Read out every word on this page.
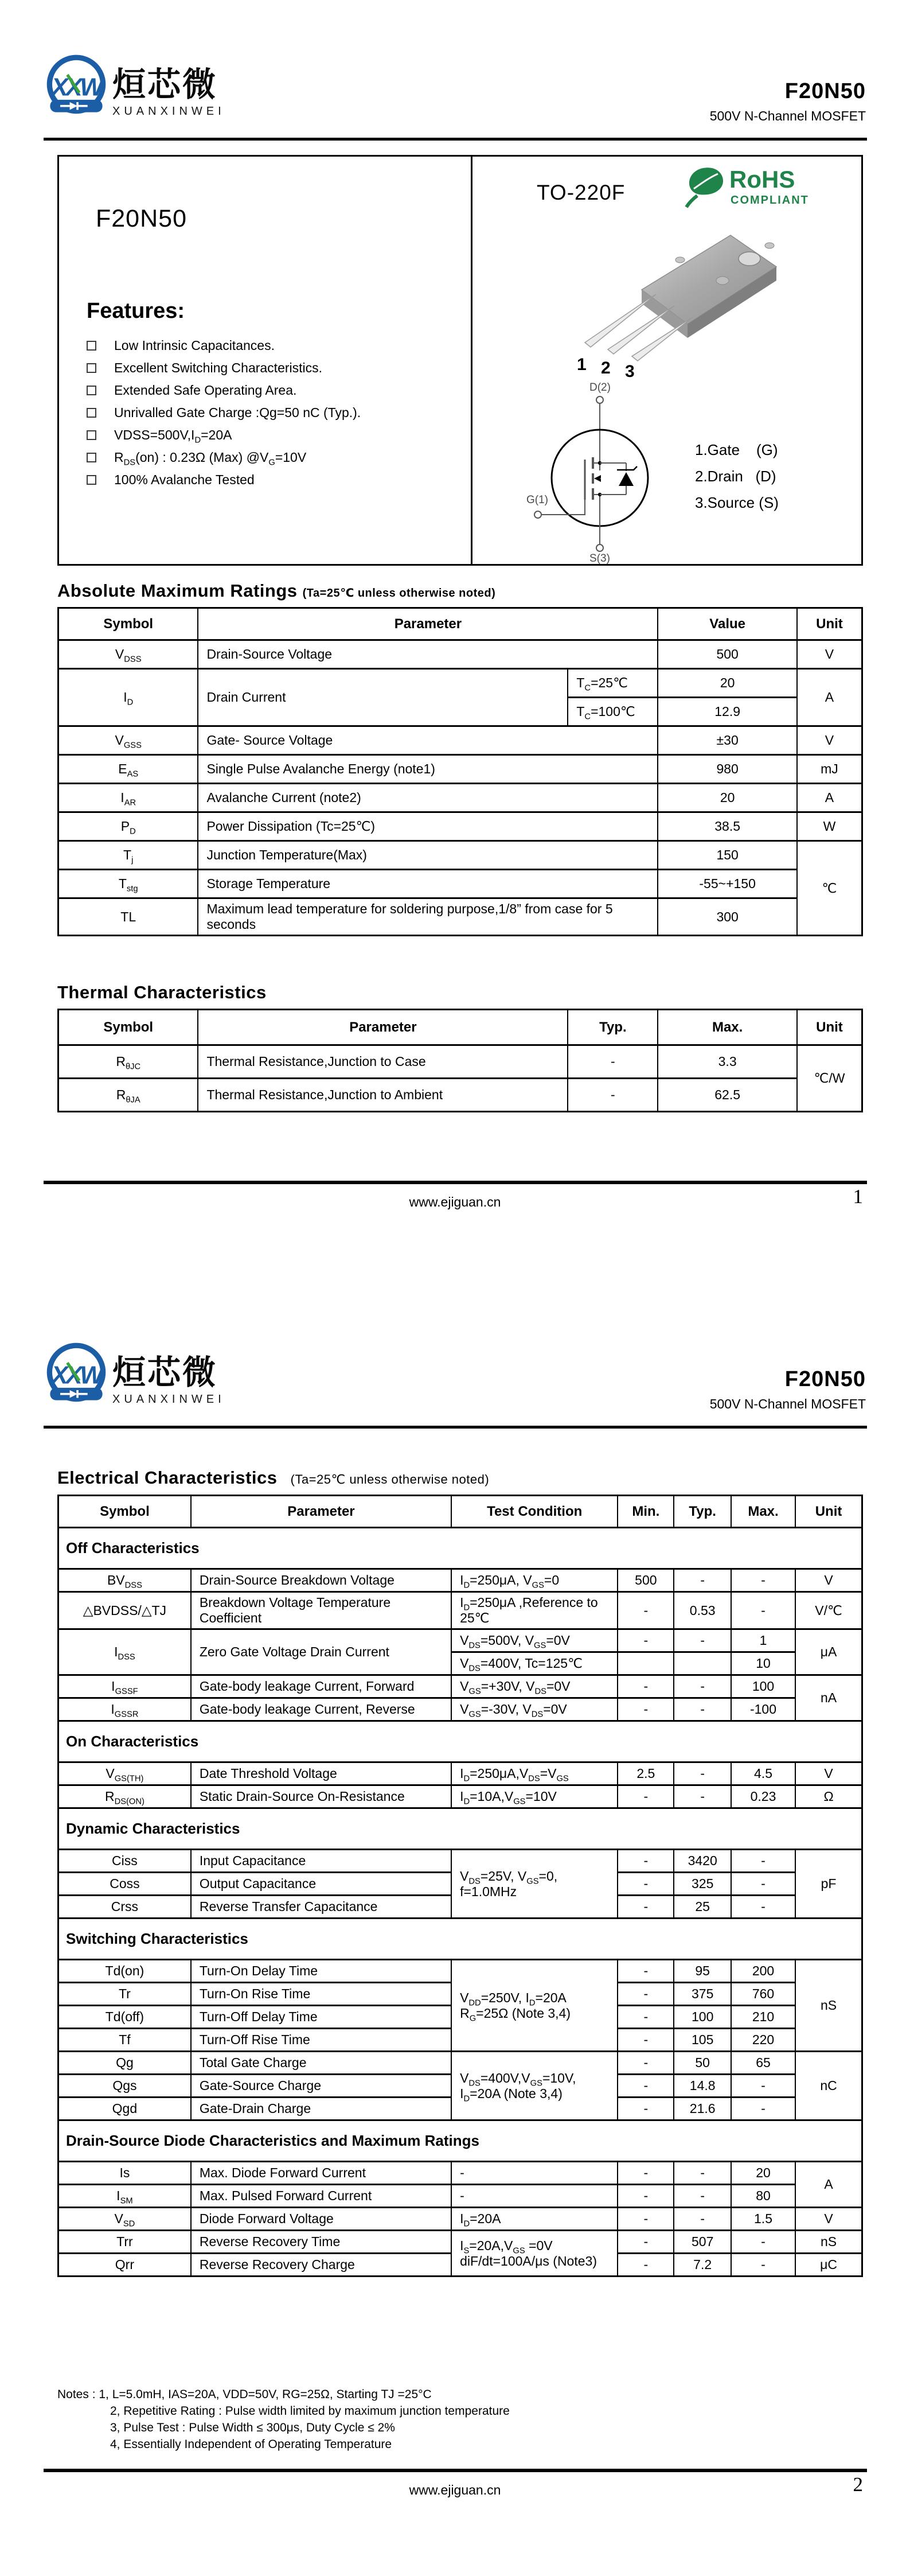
XXW 烜芯微
XUANXINWEI
F20N50
500V N-Channel MOSFET
F20N50
Features:
Low Intrinsic Capacitances.
Excellent Switching Characteristics.
Extended Safe Operating Area.
Unrivalled Gate Charge :Qg=50 nC (Typ.).
$VDSS=500V,I_D=20A$
$R_{DS}(on)$ : 0.23Ω (Max) $@V_G=10V$
100% Avalanche Tested
TO-220F	RoHS
COMPLIANT
1 2 3
D(2)
G(1)
S(3)
1.Gate    (G)
2.Drain   (D)
3.Source (S)
Absolute Maximum Ratings (Ta=25℃ unless otherwise noted)
Symbol	Parameter		Value	Unit
$V_{DSS}$	Drain-Source Voltage		500	V
$I_D$	Drain Current	$T_C=25℃$	20	A
		$T_C=100℃$	12.9	
$V_{GSS}$	Gate- Source Voltage		±30	V
$E_{AS}$	Single Pulse Avalanche Energy (note1)		980	mJ
$I_{AR}$	Avalanche Current (note2)		20	A
$P_D$	Power Dissipation (Tc=25℃)		38.5	W
$T_j$	Junction Temperature(Max)		150	℃
$T_{stg}$	Storage Temperature		-55~+150	
TL	Maximum lead temperature for soldering purpose,1/8” from case for 5 seconds		300	
Thermal Characteristics
Symbol	Parameter	Typ.	Max.	Unit
$R_{\theta JC}$	Thermal Resistance,Junction to Case	-	3.3	℃/W
$R_{\theta JA}$	Thermal Resistance,Junction to Ambient	-	62.5	
www.ejiguan.cn	1
XXW 烜芯微
XUANXINWEI
F20N50
500V N-Channel MOSFET
Electrical Characteristics (Ta=25℃ unless otherwise noted)
Symbol	Parameter	Test Condition	Min.	Typ.	Max.	Unit
Off Characteristics						
$BV_{DSS}$	Drain-Source Breakdown Voltage	$I_D=250\mu A$, $V_{GS}=0$	500	-	-	V
△BVDSS/△TJ	Breakdown Voltage Temperature Coefficient	$I_D=250\mu A$ ,Reference to 25℃	-	0.53	-	V/℃
$I_{DSS}$	Zero Gate Voltage Drain Current	$V_{DS}=500V$, $V_{GS}=0V$	-	-	1	μA
		$V_{DS}=400V$, Tc=125℃			10	
$I_{GSSF}$	Gate-body leakage Current, Forward	$V_{GS}=+30V$, $V_{DS}=0V$	-	-	100	nA
$I_{GSSR}$	Gate-body leakage Current, Reverse	$V_{GS}=-30V$, $V_{DS}=0V$	-	-	-100	
On Characteristics						
$V_{GS(TH)}$	Date Threshold Voltage	$I_D=250\mu A,V_{DS}=V_{GS}$	2.5	-	4.5	V
$R_{DS(ON)}$	Static Drain-Source On-Resistance	$I_D=10A,V_{GS}=10V$	-	-	0.23	Ω
Dynamic Characteristics						
Ciss	Input Capacitance	$V_{DS}=25V$, $V_{GS}=0$, f=1.0MHz	-	3420	-	pF
Coss	Output Capacitance		-	325	-	
Crss	Reverse Transfer Capacitance		-	25	-	
Switching Characteristics						
Td(on)	Turn-On Delay Time	$V_{DD}=250V$, $I_D=20A$ $R_G=25\Omega$ (Note 3,4)	-	95	200	nS
Tr	Turn-On Rise Time		-	375	760	
Td(off)	Turn-Off Delay Time		-	100	210	
Tf	Turn-Off Rise Time		-	105	220	
Qg	Total Gate Charge	$V_{DS}=400V,V_{GS}=10V$, $I_D=20A$ (Note 3,4)	-	50	65	nC
Qgs	Gate-Source Charge		-	14.8	-	
Qgd	Gate-Drain Charge		-	21.6	-	
Drain-Source Diode Characteristics and Maximum Ratings						
Is	Max. Diode Forward Current	-	-	-	20	A
$I_{SM}$	Max. Pulsed Forward Current	-	-	-	80	
$V_{SD}$	Diode Forward Voltage	$I_D=20A$	-	-	1.5	V
Trr	Reverse Recovery Time	$I_S=20A,V_{GS} =0V$ diF/dt=100A/μs (Note3)	-	507	-	nS
Qrr	Reverse Recovery Charge		-	7.2	-	μC
Notes : 1, L=5.0mH, IAS=20A, VDD=50V, RG=25Ω, Starting TJ =25°C
2, Repetitive Rating : Pulse width limited by maximum junction temperature
3, Pulse Test : Pulse Width ≤ 300μs, Duty Cycle ≤ 2%
4, Essentially Independent of Operating Temperature
www.ejiguan.cn	2
